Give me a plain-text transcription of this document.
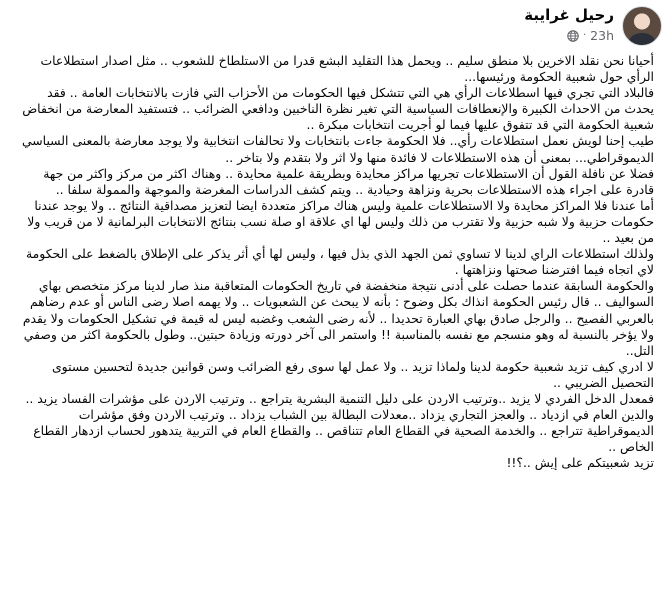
رحيل غرايبة
23h
·

أحيانا نحن نقلد الاخرين بلا منطق سليم .. ويحمل هذا التقليد البشع قدرا من الاستلطاخ للشعوب .. مثل اصدار استطلاعات الرأي حول شعبية الحكومة ورئيسها...

فالبلاد التي تجري فيها اسطلاعات الرأي هي التي تتشكل فيها الحكومات من الأحزاب التي فازت بالانتخابات العامة .. فقد يحدث من الاحداث الكبيرة والإنعطافات السياسية التي تغير نظرة الناخبين ودافعي الضرائب .. فتستفيد المعارضة من انخفاض شعبية الحكومة التي قد تتفوق عليها فيما لو أجريت انتخابات مبكرة ..

طيب إحنا لويش نعمل استطلاعات رأي.. فلا الحكومة جاءت بانتخابات ولا تحالفات انتخابية ولا يوجد معارضة بالمعنى السياسي الديموقراطي... بمعنى أن هذه الاستطلاعات لا فائدة منها ولا اثر ولا بتقدم ولا بتاخر ..

فضلا عن نافلة القول أن الاستطلاعات تجريها مراكز محايدة وبطريقة علمية محايدة .. وهناك اكثر من مركز واكثر من جهة قادرة على اجراء هذه الاستطلاعات بحرية ونزاهة وحيادية .. ويتم كشف الدراسات المغرضة والموجهة والممولة سلفا ..

أما عندنا فلا المراكز محايدة ولا الاستطلاعات علمية وليس هناك مراكز متعددة ايضا لتعزيز مصداقية النتائج .. ولا يوجد عندنا حكومات حزبية ولا شبه حزبية ولا تقترب من ذلك وليس لها اي علاقة او صلة نسب بنتائج الانتخابات البرلمانية لا من قريب ولا من بعيد ..

ولذلك استطلاعات الراي لدينا لا تساوي ثمن الجهد الذي بذل فيها ، وليس لها أي أثر يذكر على الإطلاق بالضغط على الحكومة لاي اتجاه فيما افترضنا صحتها ونزاهتها .

والحكومة السابقة عندما حصلت على أدنى نتيجة منخفضة في تاريخ الحكومات المتعاقبة منذ صار لدينا مركز متخصص بهاي السواليف .. قال رئيس الحكومة انذاك بكل وضوح : بأنه لا يبحث عن الشعبويات .. ولا يهمه اصلا رضى الناس أو عدم رضاهم بالعربي الفصيح .. والرجل صادق بهاي العبارة تحديدا .. لأنه رضى الشعب وغضبه ليس له قيمة في تشكيل الحكومات ولا يقدم ولا يؤخر بالنسبة له وهو منسجم مع نفسه بالمناسبة !! واستمر الى آخر دورته وزيادة حبتين.. وطول بالحكومة اكثر من وصفي التل..

لا ادري كيف تزيد شعبية حكومة لدينا ولماذا تزيد .. ولا عمل لها سوى رفع الضرائب وسن قوانين جديدة لتحسين مستوى التحصيل الضريبي ..

فمعدل الدخل الفردي لا يزيد ..وترتيب الاردن على دليل التنمية البشرية يتراجع .. وترتيب الاردن على مؤشرات الفساد يزيد .. والدين العام في ازدياد .. والعجز التجاري يزداد ..معدلات البطالة بين الشباب يزداد .. وترتيب الاردن وفق مؤشرات الديموقراطية تتراجع .. والخدمة الصحية في القطاع العام تتناقص .. والقطاع العام في التربية يتدهور لحساب ازدهار القطاع الخاص ..

تزيد شعبيتكم على إيش ..؟!!
